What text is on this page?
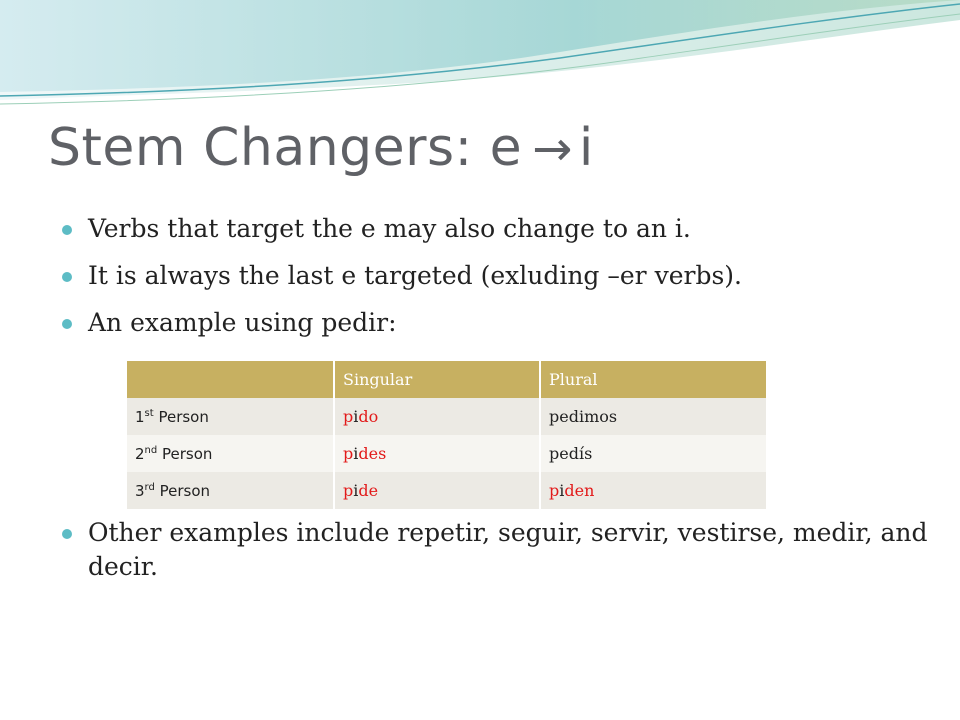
Stem Changers: e → i
Verbs that target the e may also change to an i.
It is always the last e targeted (exluding –er verbs).
An example using pedir:
	Singular	Plural
1st Person	pido	pedimos
2nd Person	pides	pedís
3rd Person	pide	piden
Other examples include repetir, seguir, servir, vestirse, medir, and decir.
